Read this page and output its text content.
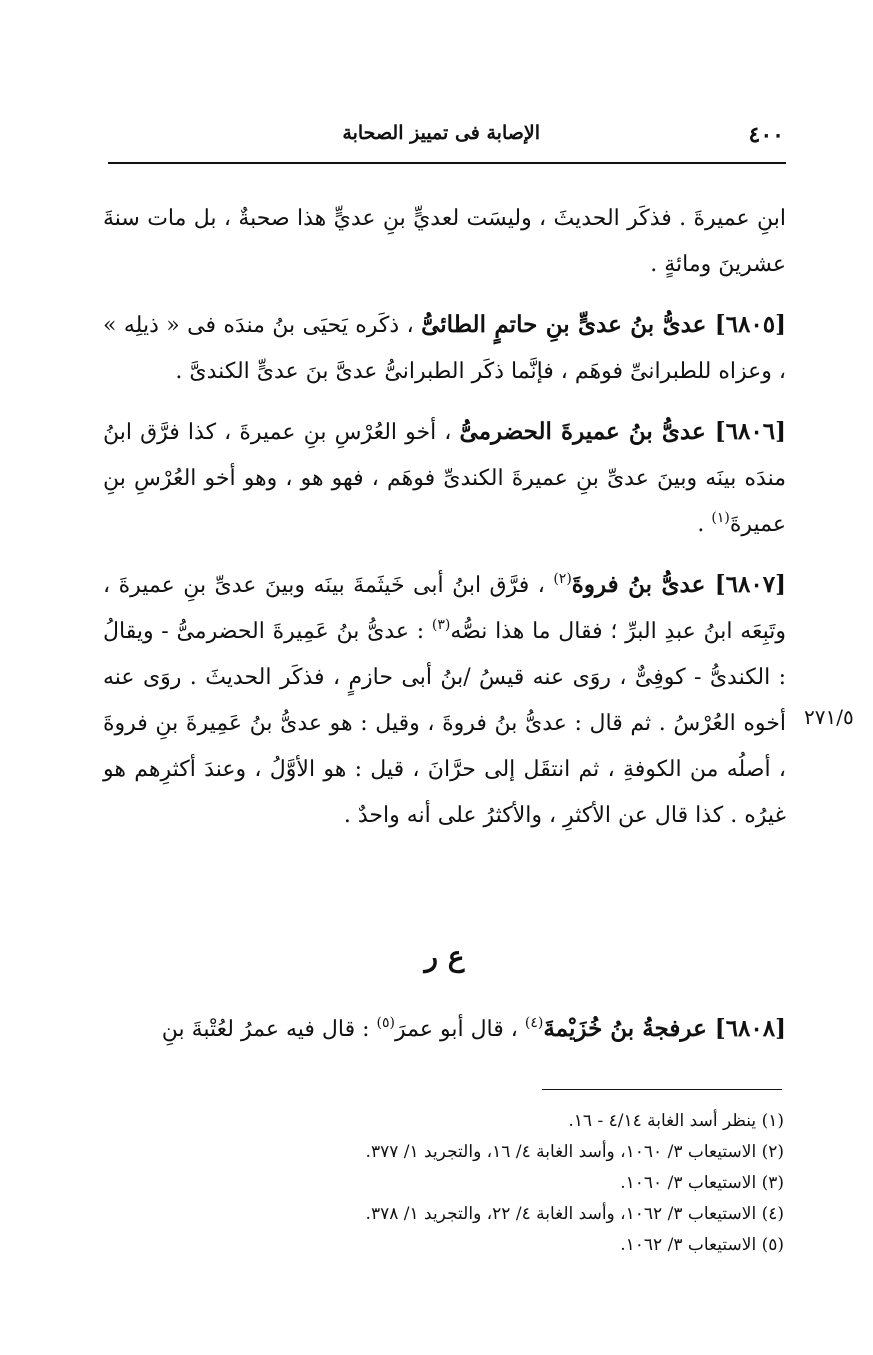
٤٠٠
الإصابة فى تمييز الصحابة

ابنِ عميرةَ . فذكَر الحديثَ ، وليسَت لعديٍّ بنِ عديٍّ هذا صحبةٌ ، بل مات سنةَ عشرينَ ومائةٍ .

[٦٨٠٥] عدىُّ بنُ عدىٍّ بنِ حاتمٍ الطائىُّ ، ذكَره يَحيَى بنُ مندَه فى « ذيلِه » ، وعزاه للطبرانىِّ فوهَم ، فإنَّما ذكَر الطبرانىُّ عدىَّ بنَ عدىٍّ الكندىَّ .

[٦٨٠٦] عدىُّ بنُ عميرةَ الحضرمىُّ ، أخو العُرْسِ بنِ عميرةَ ، كذا فرَّق ابنُ مندَه بينَه وبينَ عدىِّ بنِ عميرةَ الكندىِّ فوهَم ، فهو هو ، وهو أخو العُرْسِ بنِ عميرةَ$^{(١)}$ .

[٦٨٠٧] عدىُّ بنُ فروةَ$^{(٢)}$ ، فرَّق ابنُ أبى خَيثَمةَ بينَه وبينَ عدىِّ بنِ عميرةَ ، وتَبِعَه ابنُ عبدِ البرِّ ؛ فقال ما هذا نصُّه$^{(٣)}$ : عدىُّ بنُ عَمِيرةَ الحضرمىُّ - ويقالُ : الكندىُّ - كوفِىٌّ ، روَى عنه قيسُ /بنُ أبى حازمٍ ، فذكَر الحديثَ . روَى عنه أخوه العُرْسُ . ثم قال : عدىُّ بنُ فروةَ ، وقيل : هو عدىُّ بنُ عَمِيرةَ بنِ فروةَ ، أصلُه من الكوفةِ ، ثم انتقَل إلى حرَّانَ ، قيل : هو الأوَّلُ ، وعندَ أكثرِهم هو غيرُه . كذا قال عن الأكثرِ ، والأكثرُ على أنه واحدٌ .

٢٧١/٥
ع ر
[٦٨٠٨] عرفجةُ بنُ خُزَيْمةَ$^{(٤)}$ ، قال أبو عمرَ$^{(٥)}$ : قال فيه عمرُ لعُتْبةَ بنِ
(١) ينظر أسد الغابة ٤/١٤ - ١٦.
(٢) الاستيعاب ٣/ ١٠٦٠، وأسد الغابة ٤/ ١٦، والتجريد ١/ ٣٧٧.
(٣) الاستيعاب ٣/ ١٠٦٠.
(٤) الاستيعاب ٣/ ١٠٦٢، وأسد الغابة ٤/ ٢٢، والتجريد ١/ ٣٧٨.
(٥) الاستيعاب ٣/ ١٠٦٢.
